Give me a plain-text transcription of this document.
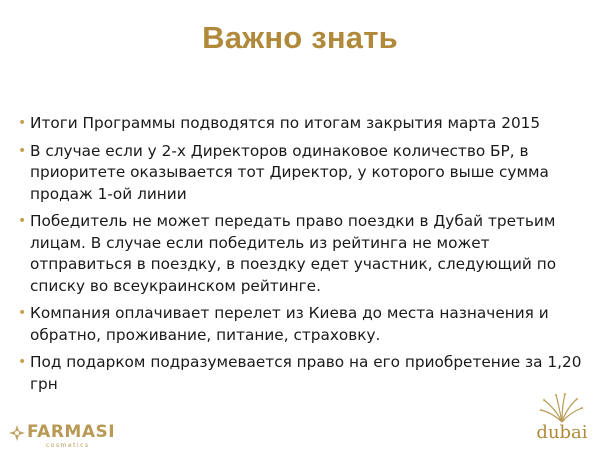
Важно знать
• Итоги Программы подводятся по итогам закрытия марта 2015
• В случае если у 2-х Директоров одинаковое количество БР, в приоритете оказывается тот Директор, у которого выше сумма продаж 1-ой линии
• Победитель не может передать право поездки в Дубай третьим лицам. В случае если победитель из рейтинга не может отправиться в поездку, в поездку едет участник, следующий по списку во всеукраинском рейтинге.
• Компания оплачивает перелет из Киева до места назначения и обратно, проживание, питание, страховку.
• Под подарком подразумевается право на его приобретение за 1,20 грн
FARMASI
cosmetics
dubai
